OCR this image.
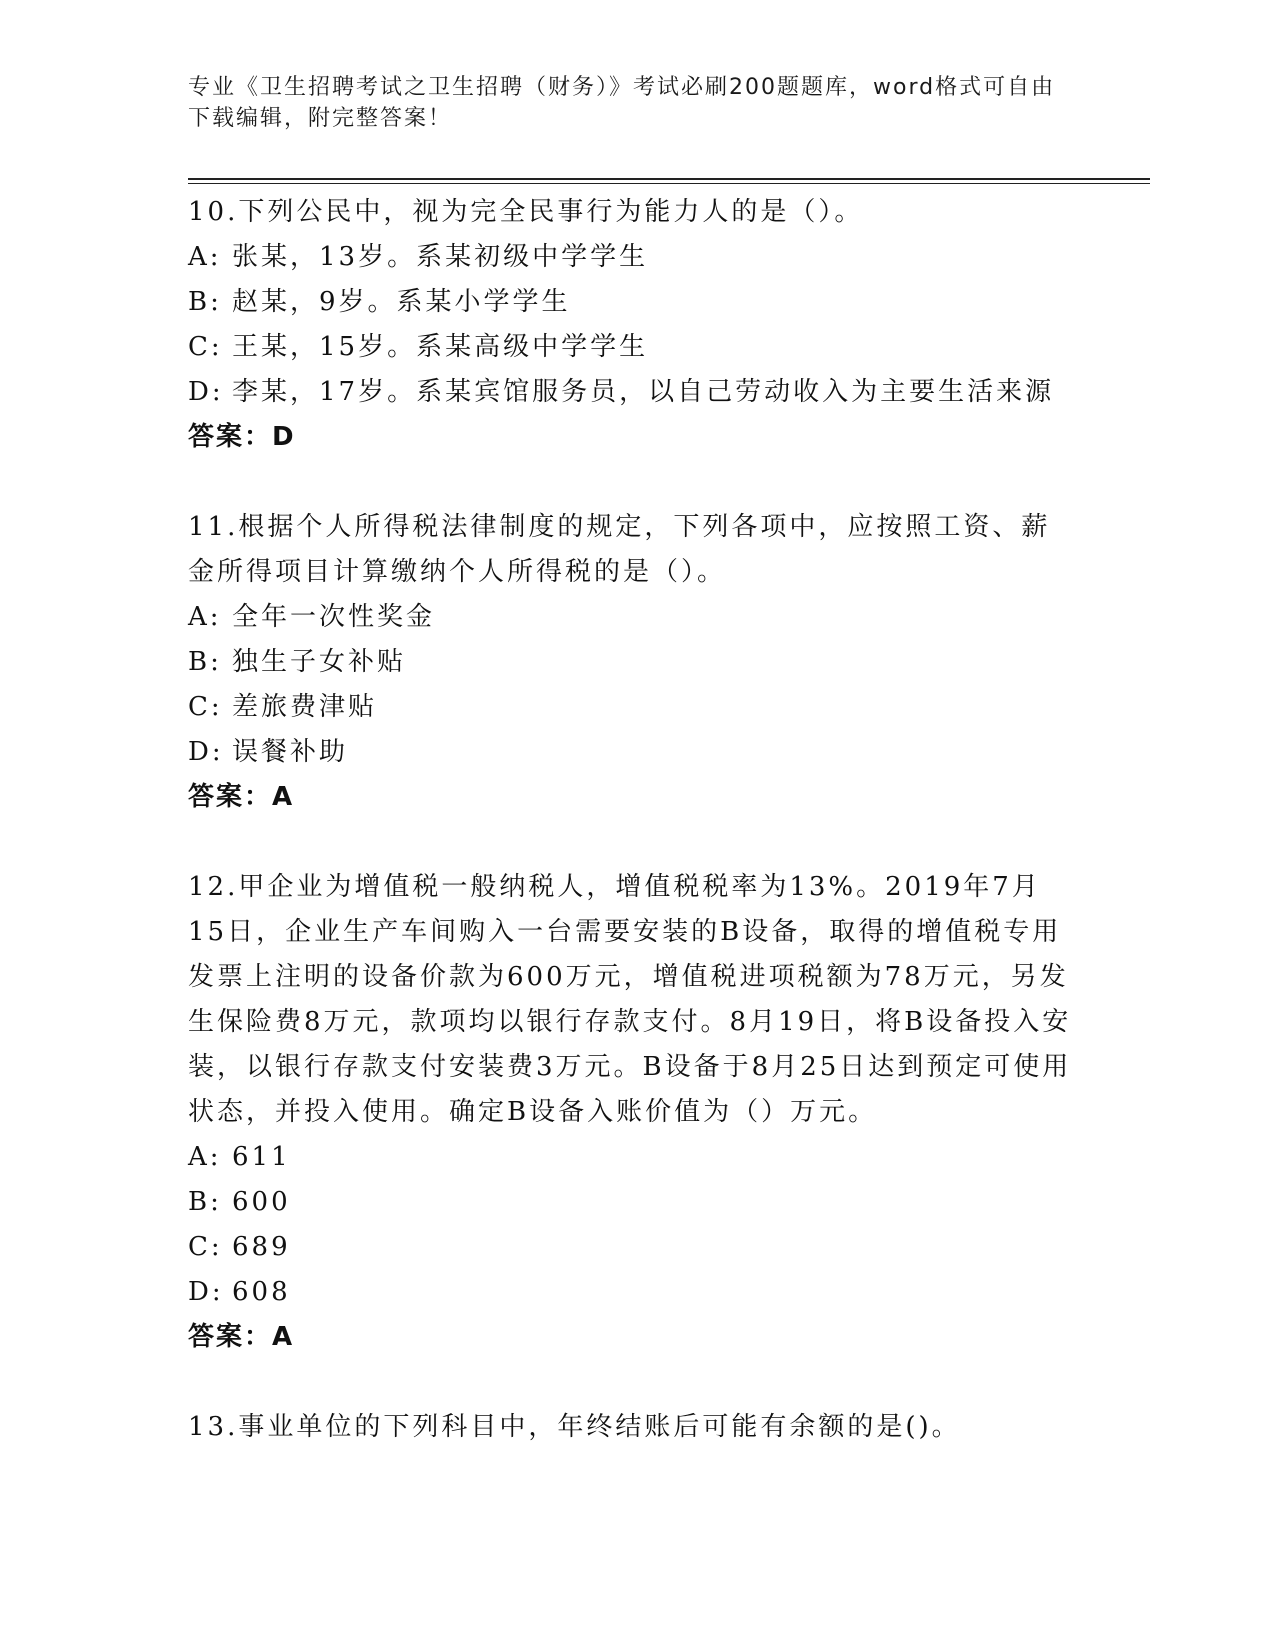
专业《卫生招聘考试之卫生招聘（财务）》考试必刷200题题库，word格式可自由下载编辑，附完整答案！

10.下列公民中，视为完全民事行为能力人的是（）。

A: 张某，13岁。系某初级中学学生

B: 赵某，9岁。系某小学学生

C: 王某，15岁。系某高级中学学生

D: 李某，17岁。系某宾馆服务员，以自己劳动收入为主要生活来源

答案：D

11.根据个人所得税法律制度的规定，下列各项中，应按照工资、薪金所得项目计算缴纳个人所得税的是（）。

A: 全年一次性奖金

B: 独生子女补贴

C: 差旅费津贴

D: 误餐补助

答案：A

12.甲企业为增值税一般纳税人，增值税税率为13%。2019年7月15日，企业生产车间购入一台需要安装的B设备，取得的增值税专用发票上注明的设备价款为600万元，增值税进项税额为78万元，另发生保险费8万元，款项均以银行存款支付。8月19日，将B设备投入安装，以银行存款支付安装费3万元。B设备于8月25日达到预定可使用状态，并投入使用。确定B设备入账价值为（）万元。

A: 611

B: 600

C: 689

D: 608

答案：A

13.事业单位的下列科目中，年终结账后可能有余额的是()。
